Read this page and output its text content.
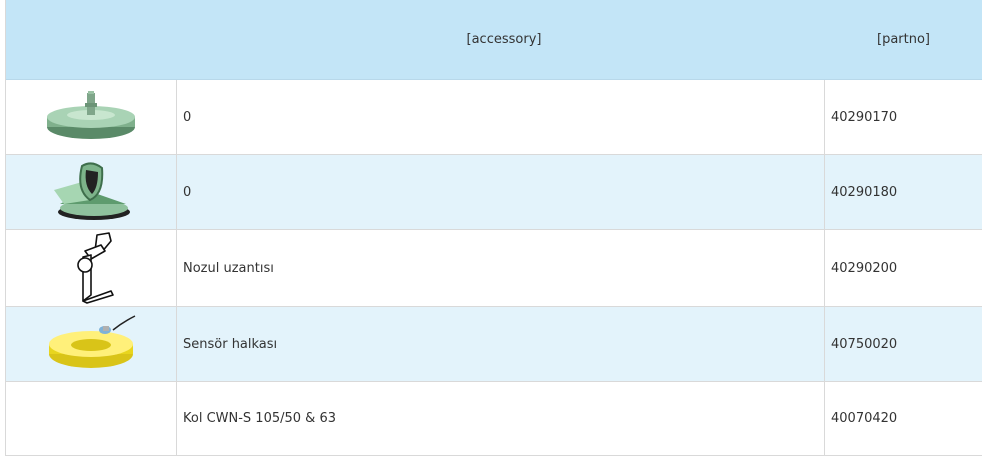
[accessory]	[partno]
0	40290170
0	40290180
Nozul uzantısı	40290200
Sensör halkası	40750020
Kol CWN-S 105/50 & 63	40070420
